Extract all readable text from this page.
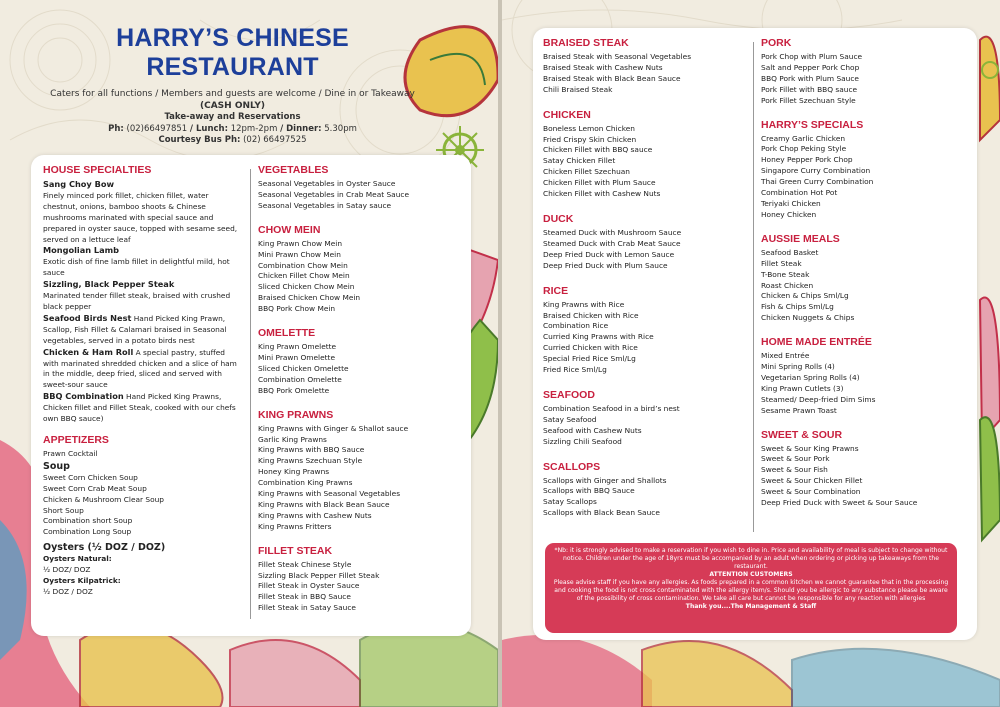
HARRY’S CHINESE
RESTAURANT
Caters for all functions / Members and guests are welcome / Dine in or Takeaway
(CASH ONLY)
Take-away and Reservations
Ph: (02)66497851 / Lunch: 12pm-2pm / Dinner: 5.30pm
Courtesy Bus Ph: (02) 66497525
HOUSE SPECIALTIES
Sang Choy Bow
Finely minced pork fillet, chicken fillet, water chestnut, onions, bamboo shoots & Chinese mushrooms marinated with special sauce and prepared in oyster sauce, topped with sesame seed, served on a lettuce leaf
Mongolian Lamb
Exotic dish of fine lamb fillet in delightful mild, hot sauce
Sizzling, Black Pepper Steak
Marinated tender fillet steak, braised with crushed black pepper
Seafood Birds Nest Hand Picked King Prawn, Scallop, Fish Fillet & Calamari braised in Seasonal vegetables, served in a potato birds nest
Chicken & Ham Roll A special pastry, stuffed with marinated shredded chicken and a slice of ham in the middle, deep fried, sliced and served with sweet-sour sauce
BBQ Combination Hand Picked King Prawns, Chicken fillet and Fillet Steak, cooked with our chefs own BBQ sauce)
APPETIZERS
Prawn Cocktail
Soup
Sweet Corn Chicken Soup
Sweet Corn Crab Meat Soup
Chicken & Mushroom Clear Soup
Short Soup
Combination short Soup
Combination Long Soup
Oysters (½ DOZ / DOZ)
Oysters Natural:
½ DOZ/ DOZ
Oysters Kilpatrick:
½ DOZ / DOZ
VEGETABLES
Seasonal Vegetables in Oyster Sauce
Seasonal Vegetables in Crab Meat Sauce
Seasonal Vegetables in Satay sauce
CHOW MEIN
King Prawn Chow Mein
Mini Prawn Chow Mein
Combination Chow Mein
Chicken Fillet Chow Mein
Sliced Chicken Chow Mein
Braised Chicken Chow Mein
BBQ Pork Chow Mein
OMELETTE
King Prawn Omelette
Mini Prawn Omelette
Sliced Chicken Omelette
Combination Omelette
BBQ Pork Omelette
KING PRAWNS
King Prawns with Ginger & Shallot sauce
Garlic King Prawns
King Prawns with BBQ Sauce
King Prawns Szechuan Style
Honey King Prawns
Combination King Prawns
King Prawns with Seasonal Vegetables
King Prawns with Black Bean Sauce
King Prawns with Cashew Nuts
King Prawns Fritters
FILLET STEAK
Fillet Steak Chinese Style
Sizzling Black Pepper Fillet Steak
Fillet Steak in Oyster Sauce
Fillet Steak in BBQ Sauce
Fillet Steak in Satay Sauce
BRAISED STEAK
Braised Steak with Seasonal Vegetables
Braised Steak with Cashew Nuts
Braised Steak with Black Bean Sauce
Chili Braised Steak
CHICKEN
Boneless Lemon Chicken
Fried Crispy Skin Chicken
Chicken Fillet with BBQ sauce
Satay Chicken Fillet
Chicken Fillet Szechuan
Chicken Fillet with Plum Sauce
Chicken Fillet with Cashew Nuts
DUCK
Steamed Duck with Mushroom Sauce
Steamed Duck with Crab Meat Sauce
Deep Fried Duck with Lemon Sauce
Deep Fried Duck with Plum Sauce
RICE
King Prawns with Rice
Braised Chicken with Rice
Combination Rice
Curried King Prawns with Rice
Curried Chicken with Rice
Special Fried Rice Sml/Lg
Fried Rice Sml/Lg
SEAFOOD
Combination Seafood in a bird’s nest
Satay Seafood
Seafood with Cashew Nuts
Sizzling Chili Seafood
SCALLOPS
Scallops with Ginger and Shallots
Scallops with BBQ Sauce
Satay Scallops
Scallops with Black Bean Sauce
PORK
Pork Chop with Plum Sauce
Salt and Pepper Pork Chop
BBQ Pork with Plum Sauce
Pork Fillet with BBQ sauce
Pork Fillet Szechuan Style
HARRY’S SPECIALS
Creamy Garlic Chicken
Pork Chop Peking Style
Honey Pepper Pork Chop
Singapore Curry Combination
Thai Green Curry Combination
Combination Hot Pot
Teriyaki Chicken
Honey Chicken
AUSSIE MEALS
Seafood Basket
Fillet Steak
T-Bone Steak
Roast Chicken
Chicken & Chips Sml/Lg
Fish & Chips Sml/Lg
Chicken Nuggets & Chips
HOME MADE ENTRÉE
Mixed Entrée
Mini Spring Rolls (4)
Vegetarian Spring Rolls (4)
King Prawn Cutlets (3)
Steamed/ Deep-fried Dim Sims
Sesame Prawn Toast
SWEET & SOUR
Sweet & Sour King Prawns
Sweet & Sour Pork
Sweet & Sour Fish
Sweet & Sour Chicken Fillet
Sweet & Sour Combination
Deep Fried Duck with Sweet & Sour Sauce
*Nb: it is strongly advised to make a reservation if you wish to dine in. Price and availability of meal is subject to change without notice. Children under the age of 18yrs must be accompanied by an adult when ordering or picking up takeaways from the restaurant.
ATTENTION CUSTOMERS
Please advise staff if you have any allergies. As foods prepared in a common kitchen we cannot guarantee that in the processing and cooking the food is not cross contaminated with the allergy item/s. Should you be allergic to any substance please be aware of the possibility of cross contamination. We take all care but cannot be responsible for any reaction with allergies
Thank you....The Management & Staff
